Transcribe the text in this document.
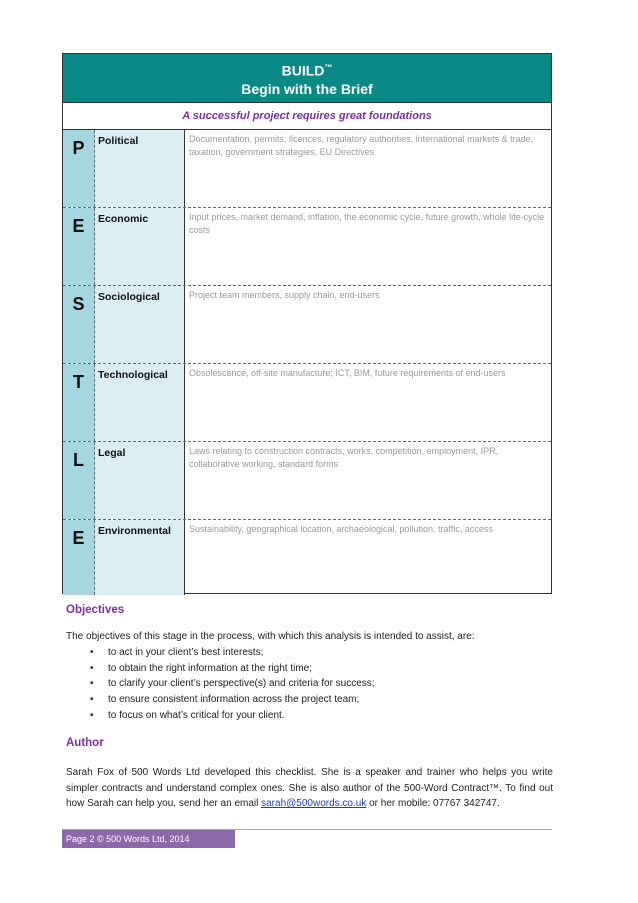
BUILD™
Begin with the Brief
A successful project requires great foundations
P	Political	Documentation, permits, licences, regulatory authorities, international markets & trade, taxation, government strategies, EU Directives
E	Economic	Input prices, market demand, inflation, the economic cycle, future growth, whole life-cycle costs
S	Sociological	Project team members, supply chain, end-users
T	Technological	Obsolescence, off-site manufacture; ICT, BIM, future requirements of end-users
L	Legal	Laws relating to construction contracts, works, competition, employment, IPR, collaborative working, standard forms
E	Environmental	Sustainability, geographical location, archaeological, pollution, traffic, access
Objectives
The objectives of this stage in the process, with which this analysis is intended to assist, are:
• to act in your client’s best interests;
• to obtain the right information at the right time;
• to clarify your client’s perspective(s) and criteria for success;
• to ensure consistent information across the project team;
• to focus on what’s critical for your client.
Author
Sarah Fox of 500 Words Ltd developed this checklist. She is a speaker and trainer who helps you write simpler contracts and understand complex ones. She is also author of the 500-Word Contract™. To find out how Sarah can help you, send her an email sarah@500words.co.uk or her mobile: 07767 342747.
Page 2 © 500 Words Ltd, 2014
